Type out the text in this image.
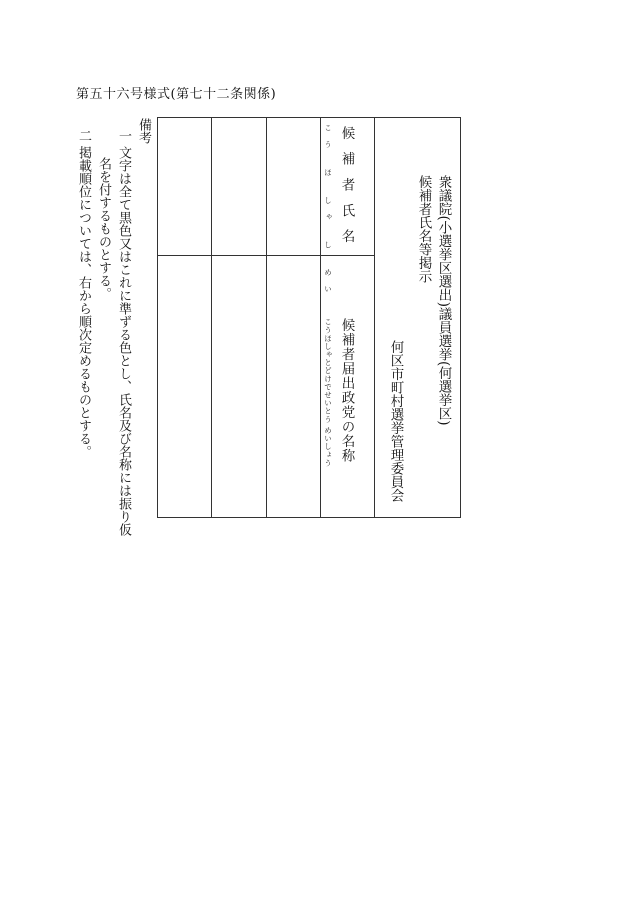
第五十六号様式(第七十二条関係)
衆議院(小選挙区選出)議員選挙(何選挙区)
候補者氏名等掲示
何区市町村選挙管理委員会
候 補 者 氏 名
こう ほ しゃ し めい
候補者届出政党の名称
こうほしゃとどけでせいとう めいしょう
備考
一 文字は全て黒色又はこれに準ずる色とし、氏名及び名称には振り仮
名を付するものとする。
二 掲載順位については、右から順次定めるものとする。
